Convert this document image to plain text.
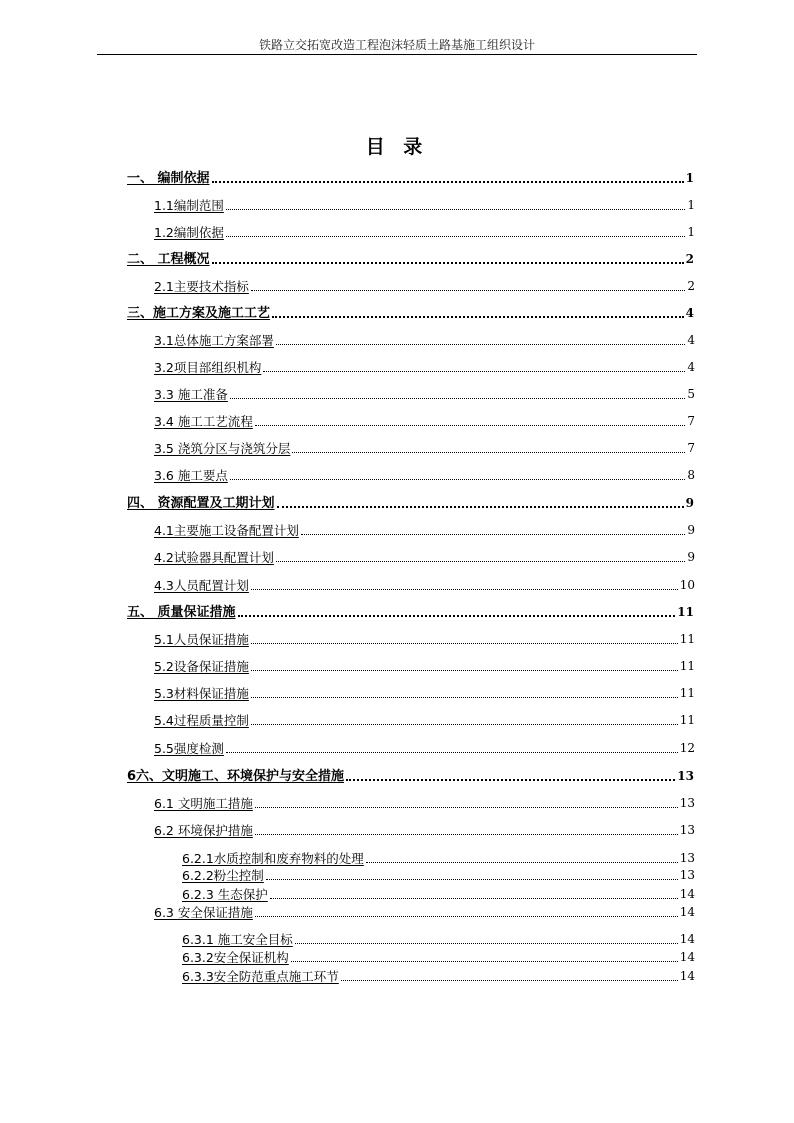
铁路立交拓宽改造工程泡沫轻质土路基施工组织设计
目 录
一、 编制依据	1
1.1编制范围	1
1.2编制依据	1
二、 工程概况	2
2.1主要技术指标	2
三、施工方案及施工工艺	4
3.1总体施工方案部署	4
3.2项目部组织机构	4
3.3 施工准备	5
3.4 施工工艺流程	7
3.5 浇筑分区与浇筑分层	7
3.6 施工要点	8
四、 资源配置及工期计划	9
4.1主要施工设备配置计划	9
4.2试验器具配置计划	9
4.3人员配置计划	10
五、 质量保证措施	11
5.1人员保证措施	11
5.2设备保证措施	11
5.3材料保证措施	11
5.4过程质量控制	11
5.5强度检测	12
6六、文明施工、环境保护与安全措施	13
6.1 文明施工措施	13
6.2 环境保护措施	13
6.2.1水质控制和废弃物料的处理	13
6.2.2粉尘控制	13
6.2.3 生态保护	14
6.3 安全保证措施	14
6.3.1 施工安全目标	14
6.3.2安全保证机构	14
6.3.3安全防范重点施工环节	14
